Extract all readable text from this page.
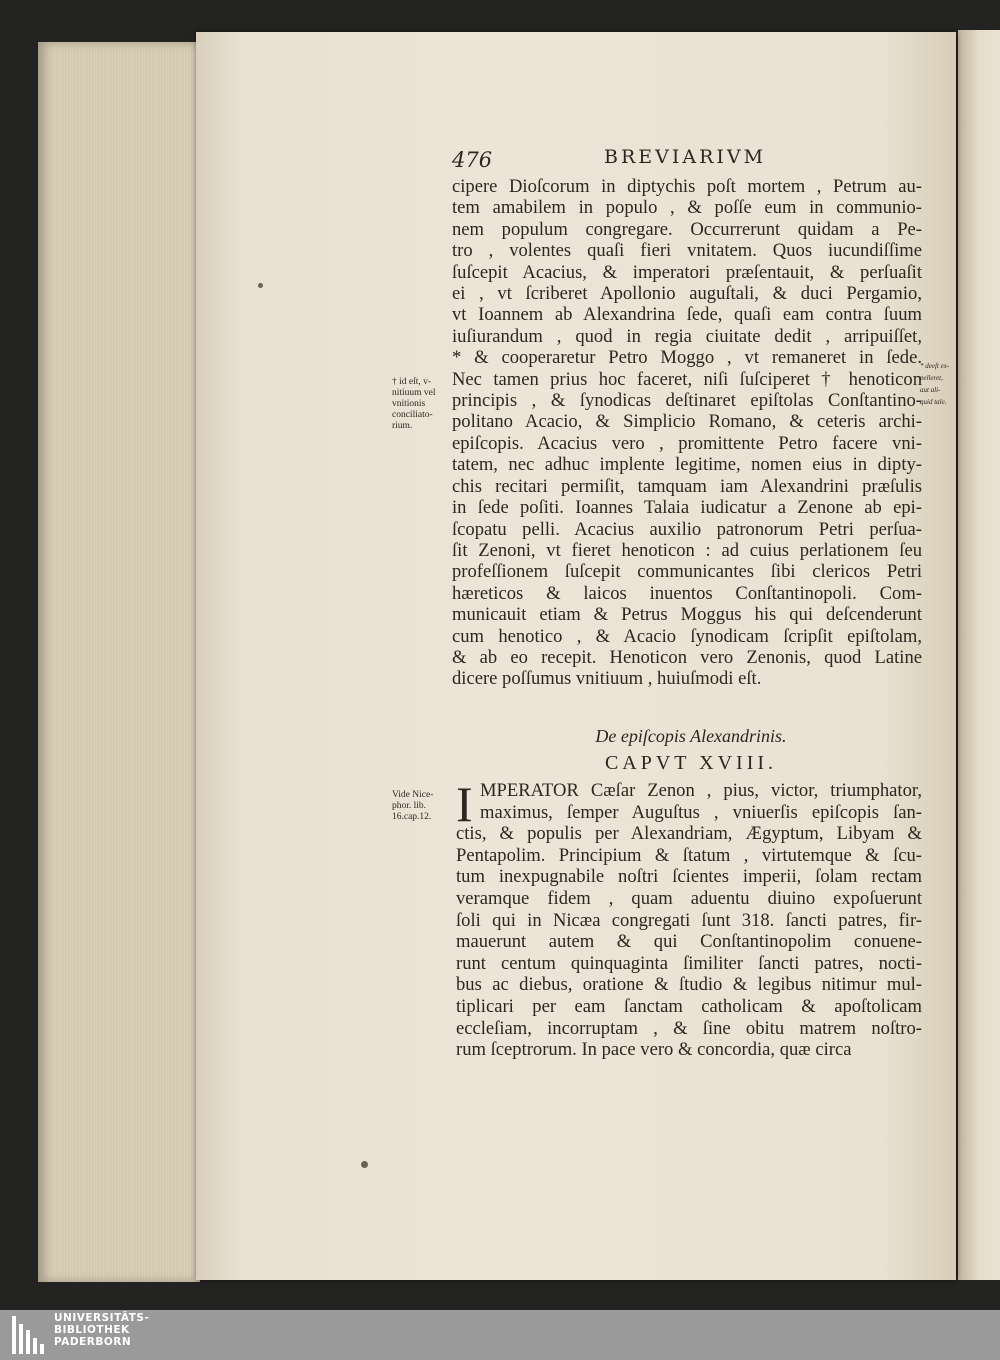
476	BREVIARIVM
cipere Dioſcorum in diptychis poſt mortem , Petrum au-
tem amabilem in populo , & poſſe eum in communio-
nem populum congregare. Occurrerunt quidam a Pe-
tro , volentes quaſi fieri vnitatem. Quos iucundiſſime
ſuſcepit Acacius, & imperatori præſentauit, & perſuaſit
ei , vt ſcriberet Apollonio auguſtali, & duci Pergamio,
vt Ioannem ab Alexandrina ſede, quaſi eam contra ſuum
iuſiurandum , quod in regia ciuitate dedit , arripuiſſet,
* & cooperaretur Petro Moggo , vt remaneret in ſede.
Nec tamen prius hoc faceret, niſi ſuſciperet † henoticon
principis , & ſynodicas deſtinaret epiſtolas Conſtantino-
politano Acacio, & Simplicio Romano, & ceteris archi-
epiſcopis. Acacius vero , promittente Petro facere vni-
tatem, nec adhuc implente legitime, nomen eius in dipty-
chis recitari permiſit, tamquam iam Alexandrini præſulis
in ſede poſiti. Ioannes Talaia iudicatur a Zenone ab epi-
ſcopatu pelli. Acacius auxilio patronorum Petri perſua-
ſit Zenoni, vt fieret henoticon : ad cuius perlationem ſeu
profeſſionem ſuſcepit communicantes ſibi clericos Petri
hæreticos & laicos inuentos Conſtantinopoli. Com-
municauit etiam & Petrus Moggus his qui deſcenderunt
cum henotico , & Acacio ſynodicam ſcripſit epiſtolam,
& ab eo recepit. Henoticon vero Zenonis, quod Latine
dicere poſſumus vnitiuum , huiuſmodi eſt.
† id eſt, v-
nitiuum vel
vnitionis
conciliato-
rium.
* deeſt ex-
pelleret,
aut ali-
quid tale.
De epiſcopis Alexandrinis.
CAPVT XVIII.
I MPERATOR Cæſar Zenon , pius, victor, triumphator,
maximus, ſemper Auguſtus , vniuerſis epiſcopis ſan-
ctis, & populis per Alexandriam, Ægyptum, Libyam &
Pentapolim. Principium & ſtatum , virtutemque & ſcu-
tum inexpugnabile noſtri ſcientes imperii, ſolam rectam
veramque fidem , quam aduentu diuino expoſuerunt
ſoli qui in Nicæa congregati ſunt 318. ſancti patres, fir-
mauerunt autem & qui Conſtantinopolim conuene-
runt centum quinquaginta ſimiliter ſancti patres, nocti-
bus ac diebus, oratione & ſtudio & legibus nitimur mul-
tiplicari per eam ſanctam catholicam & apoſtolicam
eccleſiam, incorruptam , & ſine obitu matrem noſtro-
rum ſceptrorum. In pace vero & concordia, quæ circa
Vide Nice-
phor. lib.
16.cap.12.
UNIVERSITÄTS-
BIBLIOTHEK
PADERBORN
